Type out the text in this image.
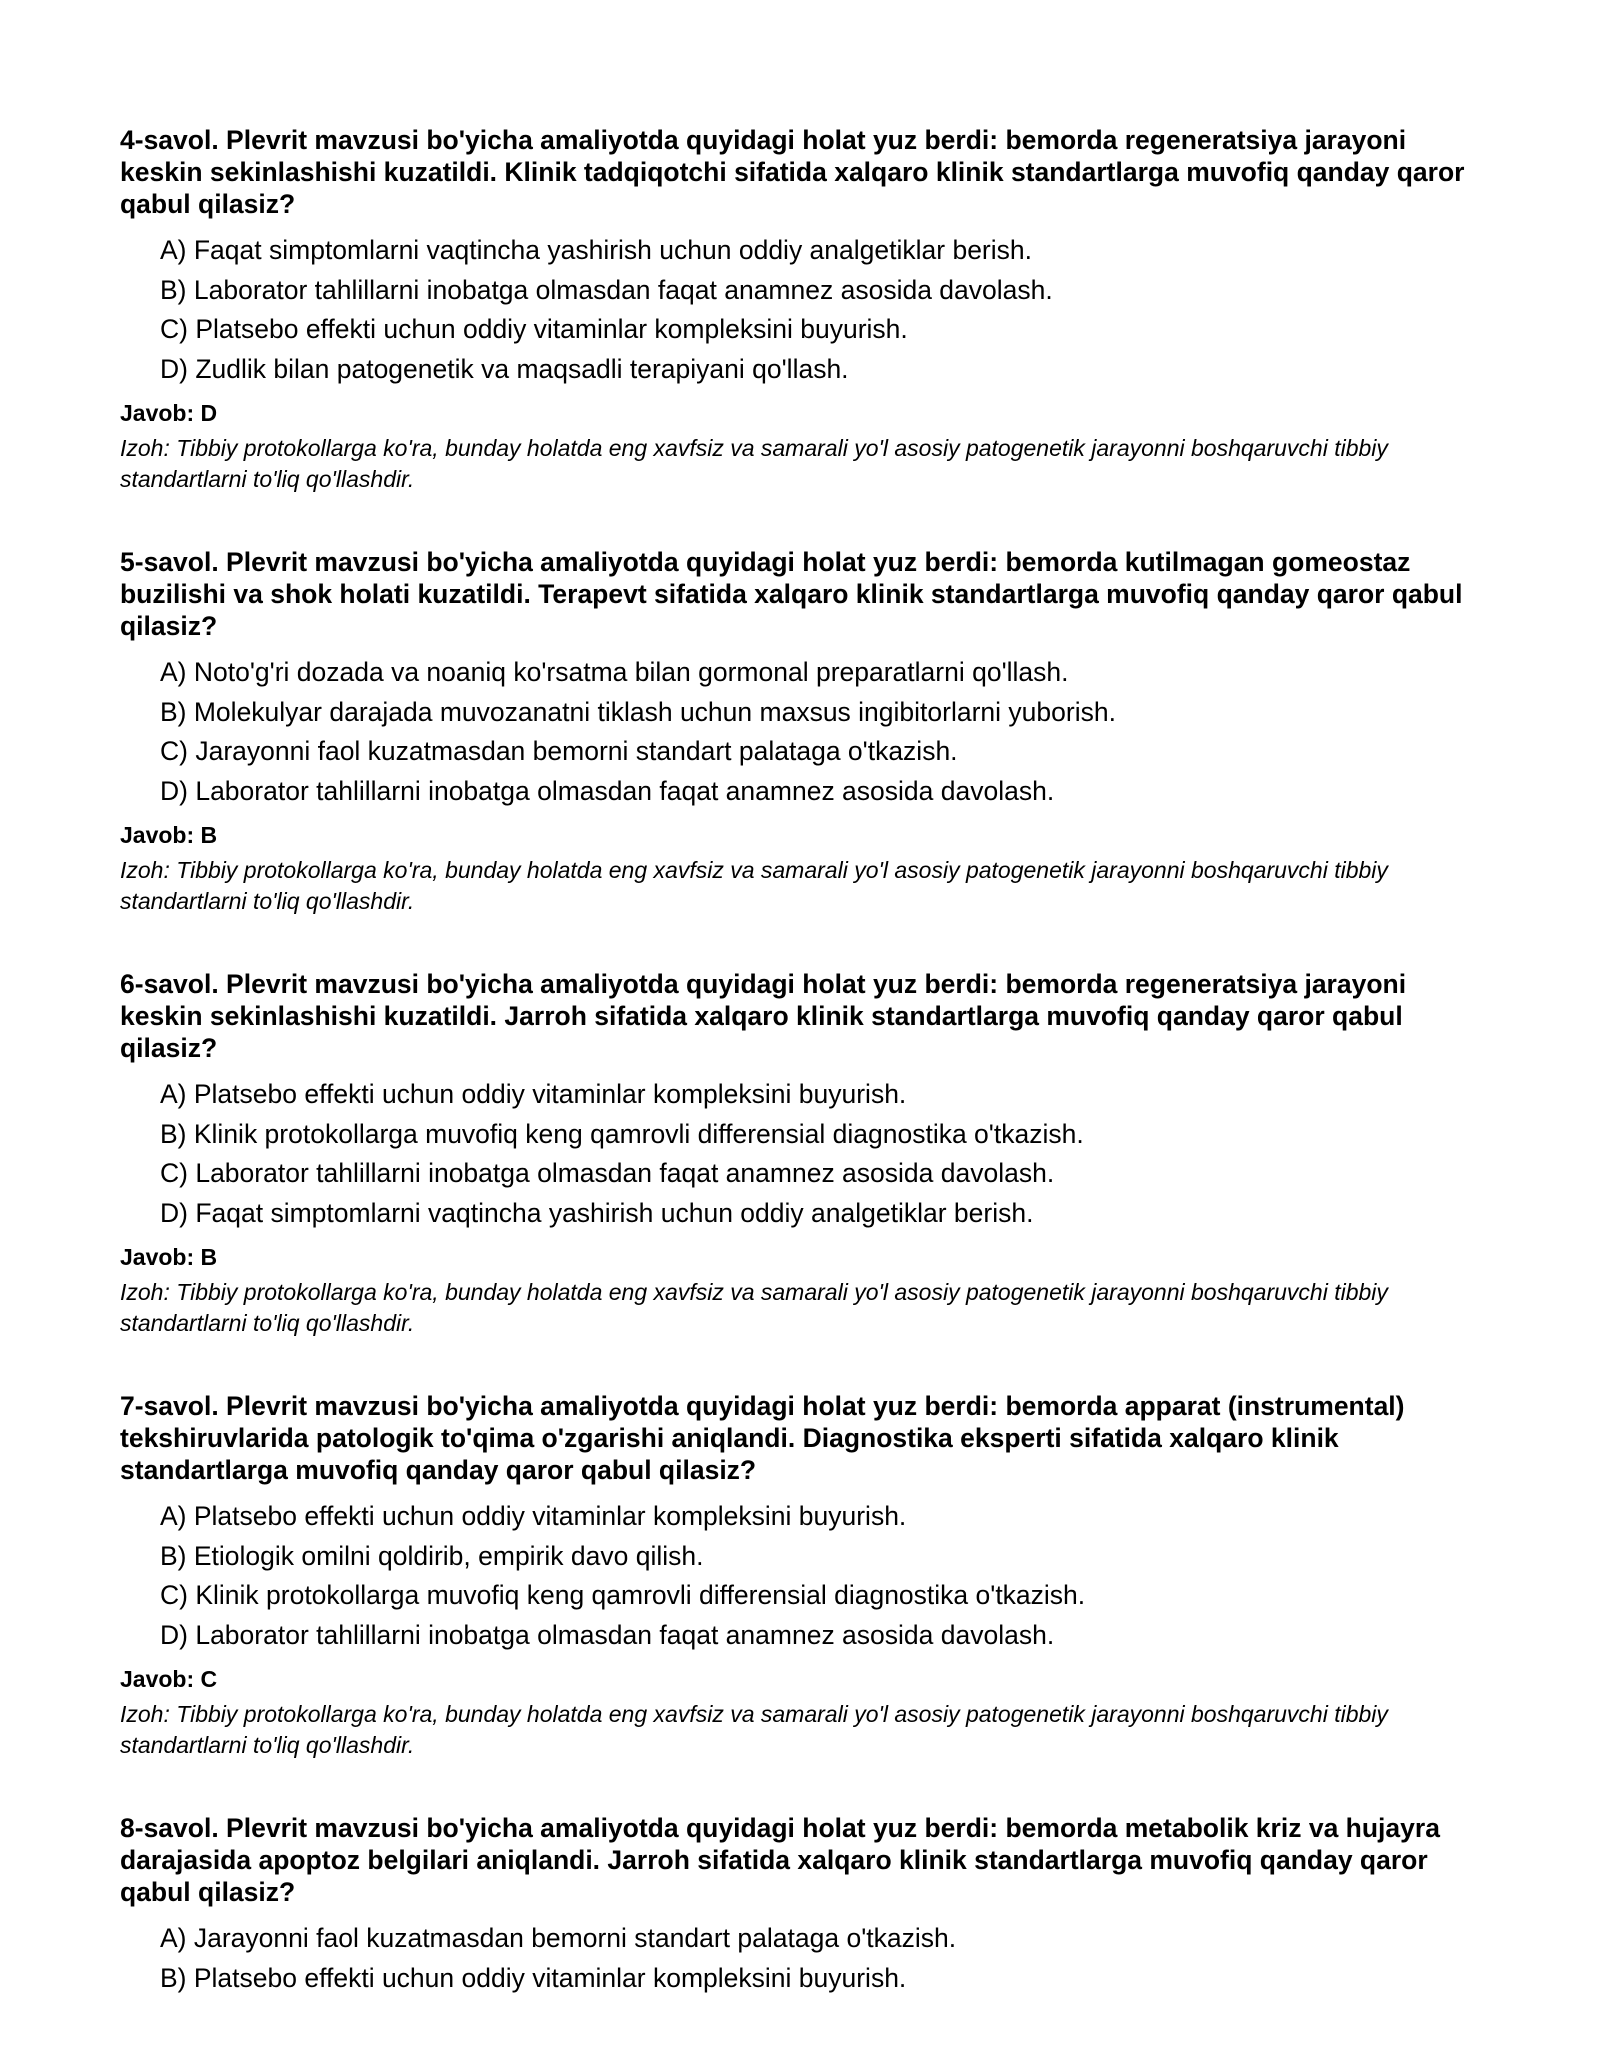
4-savol. Plevrit mavzusi bo'yicha amaliyotda quyidagi holat yuz berdi: bemorda regeneratsiya jarayoni keskin sekinlashishi kuzatildi. Klinik tadqiqotchi sifatida xalqaro klinik standartlarga muvofiq qanday qaror qabul qilasiz?
A) Faqat simptomlarni vaqtincha yashirish uchun oddiy analgetiklar berish.
B) Laborator tahlillarni inobatga olmasdan faqat anamnez asosida davolash.
C) Platsebo effekti uchun oddiy vitaminlar kompleksini buyurish.
D) Zudlik bilan patogenetik va maqsadli terapiyani qo'llash.
Javob: D

Izoh: Tibbiy protokollarga ko'ra, bunday holatda eng xavfsiz va samarali yo'l asosiy patogenetik jarayonni boshqaruvchi tibbiy standartlarni to'liq qo'llashdir.

5-savol. Plevrit mavzusi bo'yicha amaliyotda quyidagi holat yuz berdi: bemorda kutilmagan gomeostaz buzilishi va shok holati kuzatildi. Terapevt sifatida xalqaro klinik standartlarga muvofiq qanday qaror qabul qilasiz?
A) Noto'g'ri dozada va noaniq ko'rsatma bilan gormonal preparatlarni qo'llash.
B) Molekulyar darajada muvozanatni tiklash uchun maxsus ingibitorlarni yuborish.
C) Jarayonni faol kuzatmasdan bemorni standart palataga o'tkazish.
D) Laborator tahlillarni inobatga olmasdan faqat anamnez asosida davolash.
Javob: B

Izoh: Tibbiy protokollarga ko'ra, bunday holatda eng xavfsiz va samarali yo'l asosiy patogenetik jarayonni boshqaruvchi tibbiy standartlarni to'liq qo'llashdir.

6-savol. Plevrit mavzusi bo'yicha amaliyotda quyidagi holat yuz berdi: bemorda regeneratsiya jarayoni keskin sekinlashishi kuzatildi. Jarroh sifatida xalqaro klinik standartlarga muvofiq qanday qaror qabul qilasiz?
A) Platsebo effekti uchun oddiy vitaminlar kompleksini buyurish.
B) Klinik protokollarga muvofiq keng qamrovli differensial diagnostika o'tkazish.
C) Laborator tahlillarni inobatga olmasdan faqat anamnez asosida davolash.
D) Faqat simptomlarni vaqtincha yashirish uchun oddiy analgetiklar berish.
Javob: B

Izoh: Tibbiy protokollarga ko'ra, bunday holatda eng xavfsiz va samarali yo'l asosiy patogenetik jarayonni boshqaruvchi tibbiy standartlarni to'liq qo'llashdir.

7-savol. Plevrit mavzusi bo'yicha amaliyotda quyidagi holat yuz berdi: bemorda apparat (instrumental) tekshiruvlarida patologik to'qima o'zgarishi aniqlandi. Diagnostika eksperti sifatida xalqaro klinik standartlarga muvofiq qanday qaror qabul qilasiz?
A) Platsebo effekti uchun oddiy vitaminlar kompleksini buyurish.
B) Etiologik omilni qoldirib, empirik davo qilish.
C) Klinik protokollarga muvofiq keng qamrovli differensial diagnostika o'tkazish.
D) Laborator tahlillarni inobatga olmasdan faqat anamnez asosida davolash.
Javob: C

Izoh: Tibbiy protokollarga ko'ra, bunday holatda eng xavfsiz va samarali yo'l asosiy patogenetik jarayonni boshqaruvchi tibbiy standartlarni to'liq qo'llashdir.

8-savol. Plevrit mavzusi bo'yicha amaliyotda quyidagi holat yuz berdi: bemorda metabolik kriz va hujayra darajasida apoptoz belgilari aniqlandi. Jarroh sifatida xalqaro klinik standartlarga muvofiq qanday qaror qabul qilasiz?
A) Jarayonni faol kuzatmasdan bemorni standart palataga o'tkazish.
B) Platsebo effekti uchun oddiy vitaminlar kompleksini buyurish.
